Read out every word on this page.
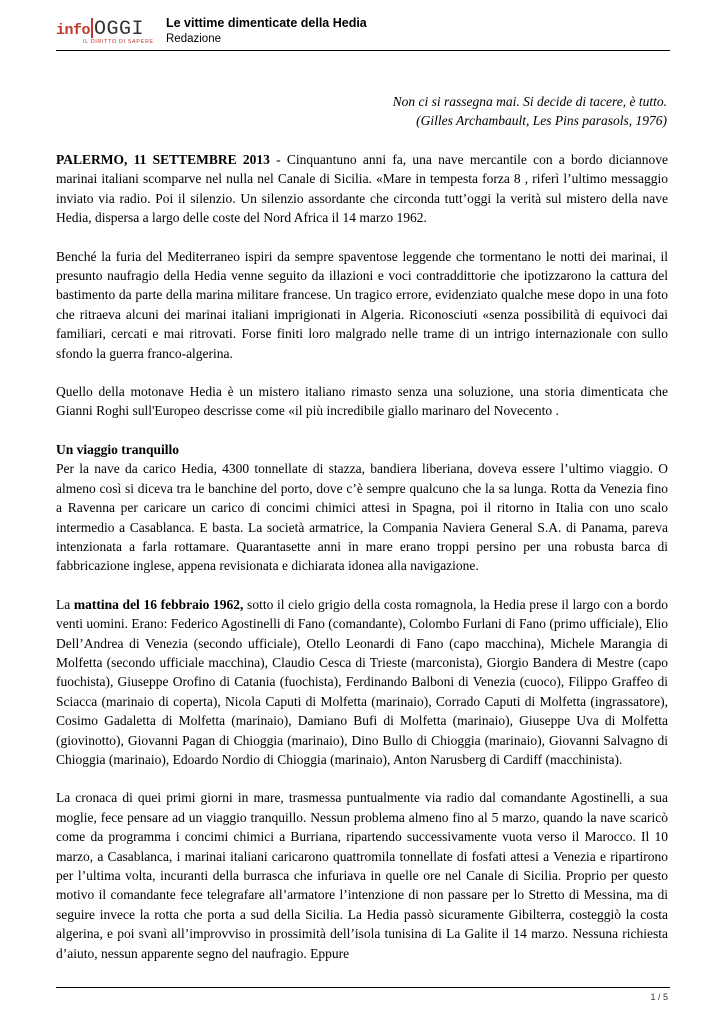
info OGGI
IL DIRITTO DI SAPERE
Le vittime dimenticate della Hedia
Redazione
Non ci si rassegna mai. Si decide di tacere, è tutto.
(Gilles Archambault, Les Pins parasols, 1976)

PALERMO, 11 SETTEMBRE 2013 - Cinquantuno anni fa, una nave mercantile con a bordo diciannove marinai italiani scomparve nel nulla nel Canale di Sicilia. «Mare in tempesta forza 8 , riferì l’ultimo messaggio inviato via radio. Poi il silenzio. Un silenzio assordante che circonda tutt’oggi la verità sul mistero della nave Hedia, dispersa a largo delle coste del Nord Africa il 14 marzo 1962.

Benché la furia del Mediterraneo ispiri da sempre spaventose leggende che tormentano le notti dei marinai, il presunto naufragio della Hedia venne seguito da illazioni e voci contraddittorie che ipotizzarono la cattura del bastimento da parte della marina militare francese. Un tragico errore, evidenziato qualche mese dopo in una foto che ritraeva alcuni dei marinai italiani imprigionati in Algeria. Riconosciuti «senza possibilità di equivoci dai familiari, cercati e mai ritrovati. Forse finiti loro malgrado nelle trame di un intrigo internazionale con sullo sfondo la guerra franco-algerina.

Quello della motonave Hedia è un mistero italiano rimasto senza una soluzione, una storia dimenticata che Gianni Roghi sull'Europeo descrisse come «il più incredibile giallo marinaro del Novecento .

Un viaggio tranquillo

Per la nave da carico Hedia, 4300 tonnellate di stazza, bandiera liberiana, doveva essere l’ultimo viaggio. O almeno così si diceva tra le banchine del porto, dove c’è sempre qualcuno che la sa lunga. Rotta da Venezia fino a Ravenna per caricare un carico di concimi chimici attesi in Spagna, poi il ritorno in Italia con uno scalo intermedio a Casablanca. E basta. La società armatrice, la Compania Naviera General S.A. di Panama, pareva intenzionata a farla rottamare. Quarantasette anni in mare erano troppi persino per una robusta barca di fabbricazione inglese, appena revisionata e dichiarata idonea alla navigazione.

La mattina del 16 febbraio 1962, sotto il cielo grigio della costa romagnola, la Hedia prese il largo con a bordo venti uomini. Erano: Federico Agostinelli di Fano (comandante), Colombo Furlani di Fano (primo ufficiale), Elio Dell’Andrea di Venezia (secondo ufficiale), Otello Leonardi di Fano (capo macchina), Michele Marangia di Molfetta (secondo ufficiale macchina), Claudio Cesca di Trieste (marconista), Giorgio Bandera di Mestre (capo fuochista), Giuseppe Orofino di Catania (fuochista), Ferdinando Balboni di Venezia (cuoco), Filippo Graffeo di Sciacca (marinaio di coperta), Nicola Caputi di Molfetta (marinaio), Corrado Caputi di Molfetta (ingrassatore), Cosimo Gadaletta di Molfetta (marinaio), Damiano Bufi di Molfetta (marinaio), Giuseppe Uva di Molfetta (giovinotto), Giovanni Pagan di Chioggia (marinaio), Dino Bullo di Chioggia (marinaio), Giovanni Salvagno di Chioggia (marinaio), Edoardo Nordio di Chioggia (marinaio), Anton Narusberg di Cardiff (macchinista).

La cronaca di quei primi giorni in mare, trasmessa puntualmente via radio dal comandante Agostinelli, a sua moglie, fece pensare ad un viaggio tranquillo. Nessun problema almeno fino al 5 marzo, quando la nave scaricò come da programma i concimi chimici a Burriana, ripartendo successivamente vuota verso il Marocco. Il 10 marzo, a Casablanca, i marinai italiani caricarono quattromila tonnellate di fosfati attesi a Venezia e ripartirono per l’ultima volta, incuranti della burrasca che infuriava in quelle ore nel Canale di Sicilia. Proprio per questo motivo il comandante fece telegrafare all’armatore l’intenzione di non passare per lo Stretto di Messina, ma di seguire invece la rotta che porta a sud della Sicilia. La Hedia passò sicuramente Gibilterra, costeggiò la costa algerina, e poi svanì all’improvviso in prossimità dell’isola tunisina di La Galite il 14 marzo. Nessuna richiesta d’aiuto, nessun apparente segno del naufragio. Eppure

1 / 5
